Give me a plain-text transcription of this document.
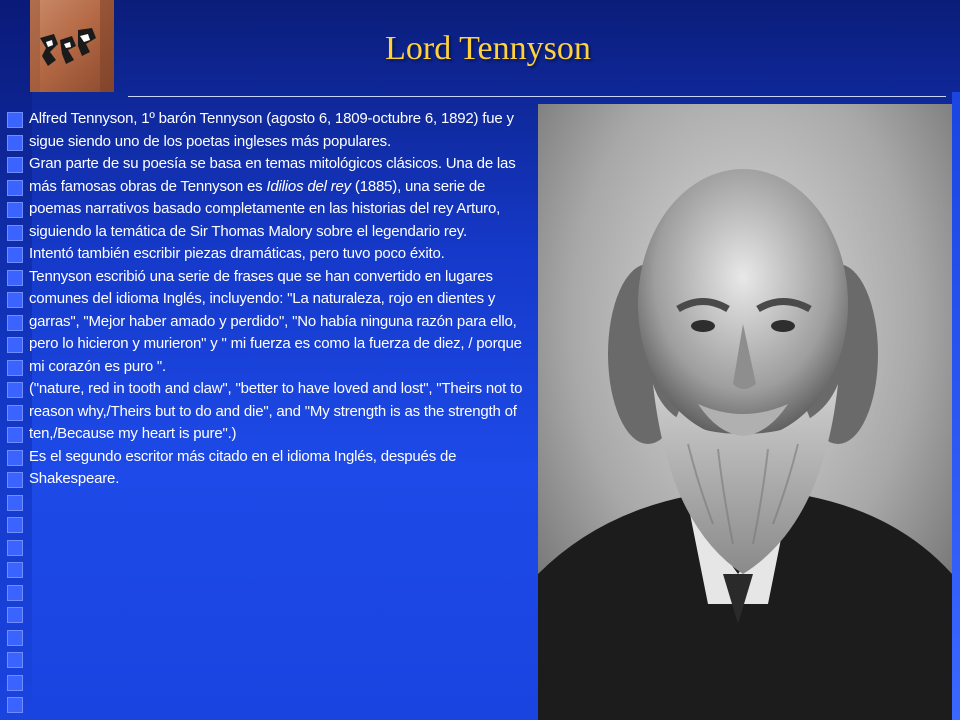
Lord Tennyson

Alfred Tennyson, 1º barón Tennyson (agosto 6, 1809-octubre 6, 1892) fue y sigue siendo uno de los poetas ingleses más populares.

Gran parte de su poesía se basa en temas mitológicos clásicos. Una de las más famosas obras de Tennyson es Idilios del rey (1885), una serie de poemas narrativos basado completamente en las historias del rey Arturo, siguiendo la temática de Sir Thomas Malory sobre el legendario rey.

Intentó también escribir piezas dramáticas, pero tuvo poco éxito.

Tennyson escribió una serie de frases que se han convertido en lugares comunes del idioma Inglés, incluyendo: "La naturaleza, rojo en dientes y garras", "Mejor haber amado y perdido", "No había ninguna razón para ello, pero lo hicieron y murieron" y " mi fuerza es como la fuerza de diez, / porque mi corazón es puro ".

("nature, red in tooth and claw", "better to have loved and lost", "Theirs not to reason why,/Theirs but to do and die", and "My strength is as the strength of ten,/Because my heart is pure".)

Es el segundo escritor más citado en el idioma Inglés, después de Shakespeare.
